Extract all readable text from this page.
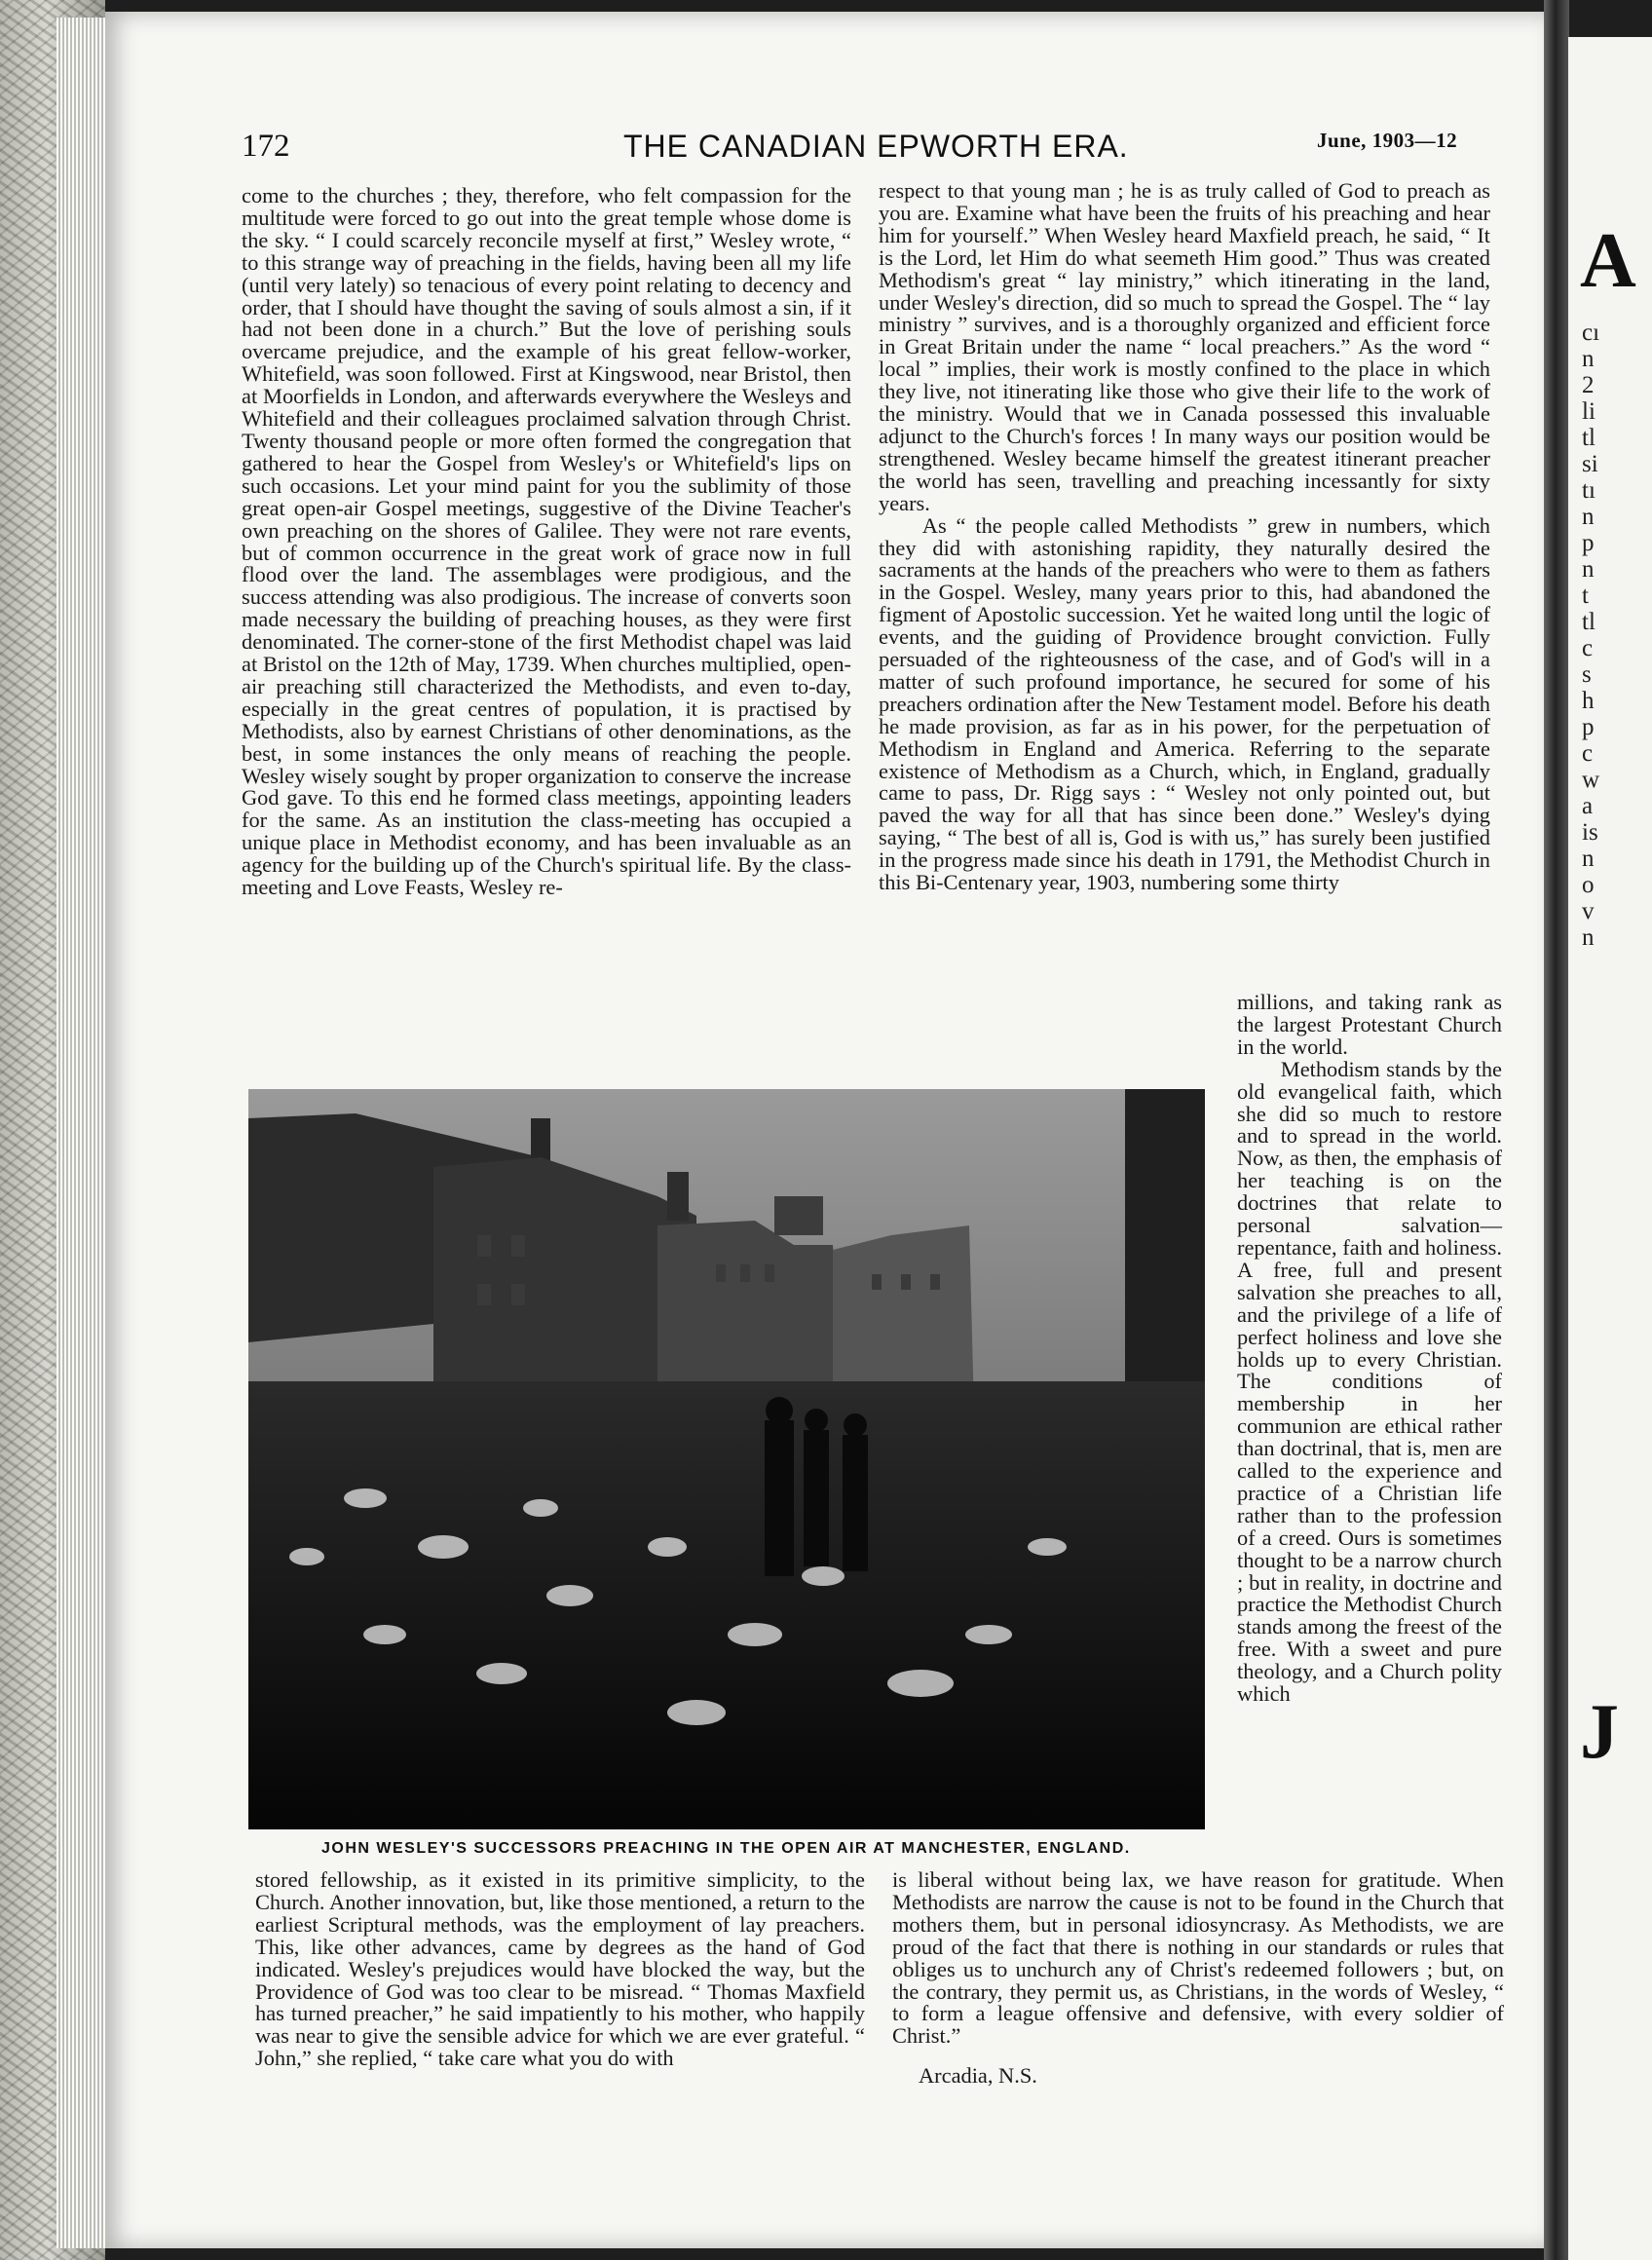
172	THE CANADIAN EPWORTH ERA.	June, 1903—12

come to the churches ; they, therefore, who felt compassion for the multitude were forced to go out into the great temple whose dome is the sky. “ I could scarcely reconcile myself at first,” Wesley wrote, “ to this strange way of preaching in the fields, having been all my life (until very lately) so tenacious of every point relating to decency and order, that I should have thought the saving of souls almost a sin, if it had not been done in a church.” But the love of perishing souls overcame prejudice, and the example of his great fellow-worker, Whitefield, was soon followed. First at Kingswood, near Bristol, then at Moorfields in London, and afterwards everywhere the Wesleys and Whitefield and their colleagues proclaimed salvation through Christ. Twenty thousand people or more often formed the congregation that gathered to hear the Gospel from Wesley's or Whitefield's lips on such occasions. Let your mind paint for you the sublimity of those great open-air Gospel meetings, suggestive of the Divine Teacher's own preaching on the shores of Galilee. They were not rare events, but of common occurrence in the great work of grace now in full flood over the land. The assemblages were prodigious, and the success attending was also prodigious. The increase of converts soon made necessary the building of preaching houses, as they were first denominated. The corner-stone of the first Methodist chapel was laid at Bristol on the 12th of May, 1739. When churches multiplied, open-air preaching still characterized the Methodists, and even to-day, especially in the great centres of population, it is practised by Methodists, also by earnest Christians of other denominations, as the best, in some instances the only means of reaching the people. Wesley wisely sought by proper organization to conserve the increase God gave. To this end he formed class meetings, appointing leaders for the same. As an institution the class-meeting has occupied a unique place in Methodist economy, and has been invaluable as an agency for the building up of the Church's spiritual life. By the class-meeting and Love Feasts, Wesley re-

respect to that young man ; he is as truly called of God to preach as you are. Examine what have been the fruits of his preaching and hear him for yourself.” When Wesley heard Maxfield preach, he said, “ It is the Lord, let Him do what seemeth Him good.” Thus was created Methodism's great “ lay ministry,” which itinerating in the land, under Wesley's direction, did so much to spread the Gospel. The “ lay ministry ” survives, and is a thoroughly organized and efficient force in Great Britain under the name “ local preachers.” As the word “ local ” implies, their work is mostly confined to the place in which they live, not itinerating like those who give their life to the work of the ministry. Would that we in Canada possessed this invaluable adjunct to the Church's forces ! In many ways our position would be strengthened. Wesley became himself the greatest itinerant preacher the world has seen, travelling and preaching incessantly for sixty years.

As “ the people called Methodists ” grew in numbers, which they did with astonishing rapidity, they naturally desired the sacraments at the hands of the preachers who were to them as fathers in the Gospel. Wesley, many years prior to this, had abandoned the figment of Apostolic succession. Yet he waited long until the logic of events, and the guiding of Providence brought conviction. Fully persuaded of the righteousness of the case, and of God's will in a matter of such profound importance, he secured for some of his preachers ordination after the New Testament model. Before his death he made provision, as far as in his power, for the perpetuation of Methodism in England and America. Referring to the separate existence of Methodism as a Church, which, in England, gradually came to pass, Dr. Rigg says : “ Wesley not only pointed out, but paved the way for all that has since been done.” Wesley's dying saying, “ The best of all is, God is with us,” has surely been justified in the progress made since his death in 1791, the Methodist Church in this Bi-Centenary year, 1903, numbering some thirty

JOHN WESLEY'S SUCCESSORS PREACHING IN THE OPEN AIR AT MANCHESTER, ENGLAND.

millions, and taking rank as the largest Protestant Church in the world.

Methodism stands by the old evangelical faith, which she did so much to restore and to spread in the world. Now, as then, the emphasis of her teaching is on the doctrines that relate to personal salvation—repentance, faith and holiness. A free, full and present salvation she preaches to all, and the privilege of a life of perfect holiness and love she holds up to every Christian. The conditions of membership in her communion are ethical rather than doctrinal, that is, men are called to the experience and practice of a Christian life rather than to the profession of a creed. Ours is sometimes thought to be a narrow church ; but in reality, in doctrine and practice the Methodist Church stands among the freest of the free. With a sweet and pure theology, and a Church polity which

stored fellowship, as it existed in its primitive simplicity, to the Church. Another innovation, but, like those mentioned, a return to the earliest Scriptural methods, was the employment of lay preachers. This, like other advances, came by degrees as the hand of God indicated. Wesley's prejudices would have blocked the way, but the Providence of God was too clear to be misread. “ Thomas Maxfield has turned preacher,” he said impatiently to his mother, who happily was near to give the sensible advice for which we are ever grateful. “ John,” she replied, “ take care what you do with

is liberal without being lax, we have reason for gratitude. When Methodists are narrow the cause is not to be found in the Church that mothers them, but in personal idiosyncrasy. As Methodists, we are proud of the fact that there is nothing in our standards or rules that obliges us to unchurch any of Christ's redeemed followers ; but, on the contrary, they permit us, as Christians, in the words of Wesley, “ to form a league offensive and defensive, with every soldier of Christ.”

Arcadia, N.S.
A
J
cı
n
2
li
tl
si
tı
n
p
n
t
tl
c
s
h
p
c
w
a
is
n
o
v
n
